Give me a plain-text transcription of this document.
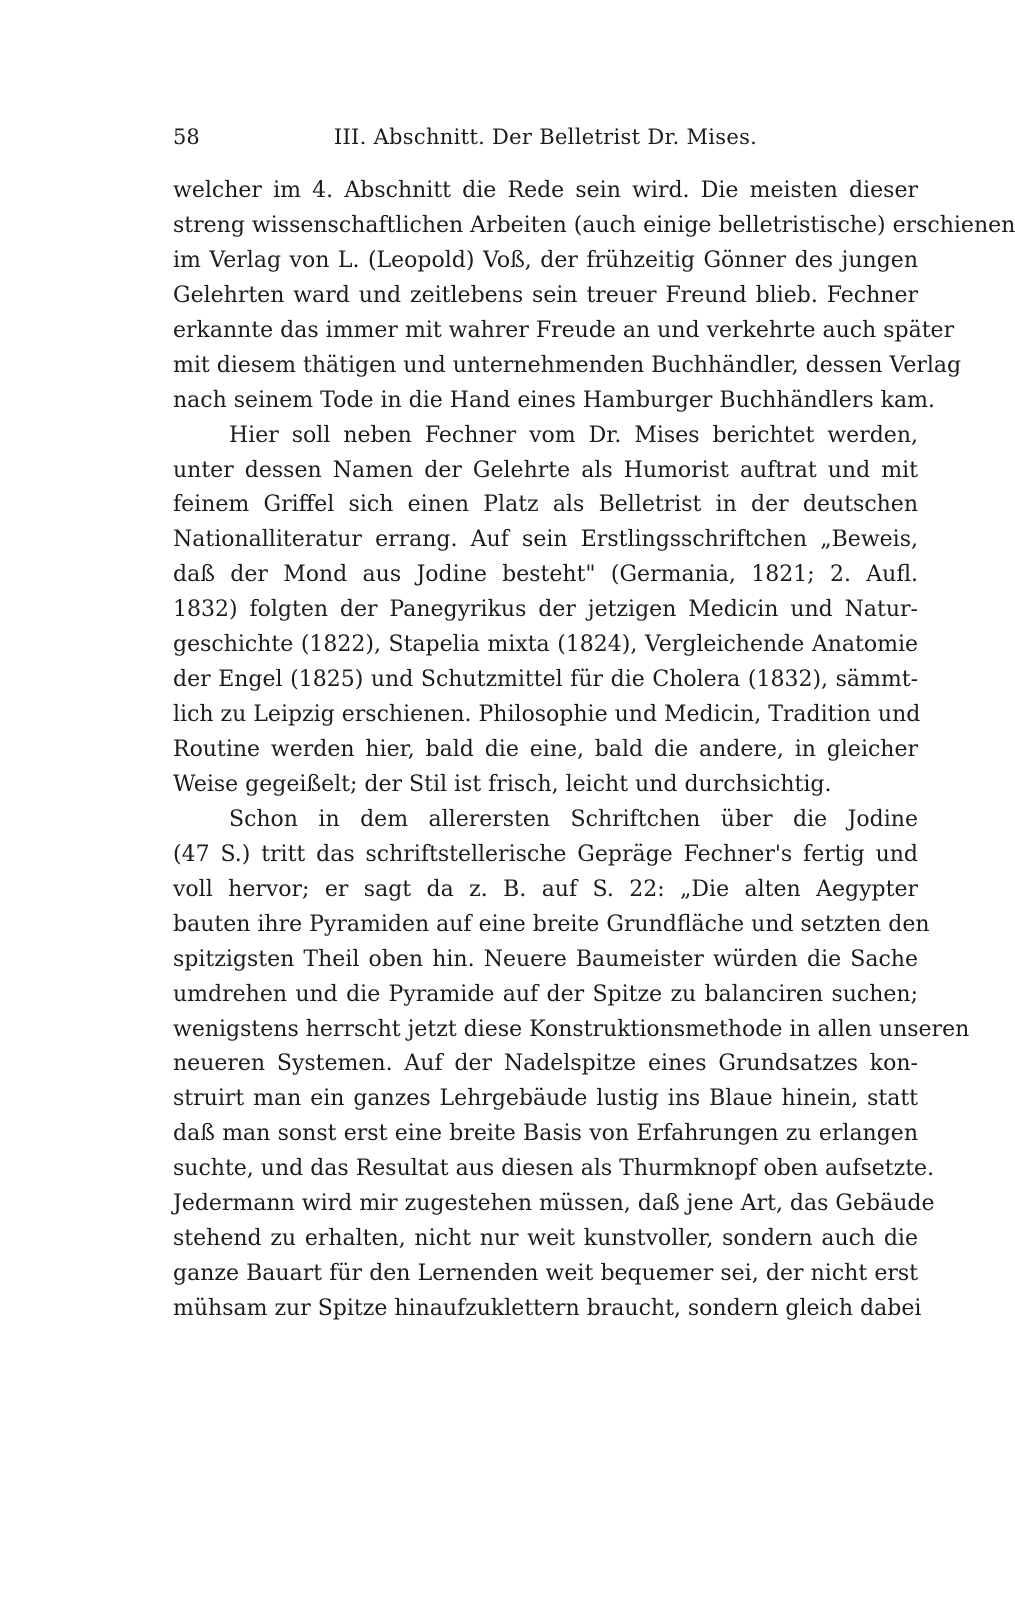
58	III. Abschnitt. Der Belletrist Dr. Mises.
welcher im 4. Abschnitt die Rede sein wird. Die meisten dieser
streng wissenschaftlichen Arbeiten (auch einige belletristische) erschienen
im Verlag von L. (Leopold) Voß, der frühzeitig Gönner des jungen
Gelehrten ward und zeitlebens sein treuer Freund blieb. Fechner
erkannte das immer mit wahrer Freude an und verkehrte auch später
mit diesem thätigen und unternehmenden Buchhändler, dessen Verlag
nach seinem Tode in die Hand eines Hamburger Buchhändlers kam.
Hier soll neben Fechner vom Dr. Mises berichtet werden,
unter dessen Namen der Gelehrte als Humorist auftrat und mit
feinem Griffel sich einen Platz als Belletrist in der deutschen
Nationalliteratur errang. Auf sein Erstlingsschriftchen „Beweis,
daß der Mond aus Jodine besteht" (Germania, 1821; 2. Aufl.
1832) folgten der Panegyrikus der jetzigen Medicin und Natur-
geschichte (1822), Stapelia mixta (1824), Vergleichende Anatomie
der Engel (1825) und Schutzmittel für die Cholera (1832), sämmt-
lich zu Leipzig erschienen. Philosophie und Medicin, Tradition und
Routine werden hier, bald die eine, bald die andere, in gleicher
Weise gegeißelt; der Stil ist frisch, leicht und durchsichtig.
Schon in dem allerersten Schriftchen über die Jodine
(47 S.) tritt das schriftstellerische Gepräge Fechner's fertig und
voll hervor; er sagt da z. B. auf S. 22: „Die alten Aegypter
bauten ihre Pyramiden auf eine breite Grundfläche und setzten den
spitzigsten Theil oben hin. Neuere Baumeister würden die Sache
umdrehen und die Pyramide auf der Spitze zu balanciren suchen;
wenigstens herrscht jetzt diese Konstruktionsmethode in allen unseren
neueren Systemen. Auf der Nadelspitze eines Grundsatzes kon-
struirt man ein ganzes Lehrgebäude lustig ins Blaue hinein, statt
daß man sonst erst eine breite Basis von Erfahrungen zu erlangen
suchte, und das Resultat aus diesen als Thurmknopf oben aufsetzte.
Jedermann wird mir zugestehen müssen, daß jene Art, das Gebäude
stehend zu erhalten, nicht nur weit kunstvoller, sondern auch die
ganze Bauart für den Lernenden weit bequemer sei, der nicht erst
mühsam zur Spitze hinaufzuklettern braucht, sondern gleich dabei
